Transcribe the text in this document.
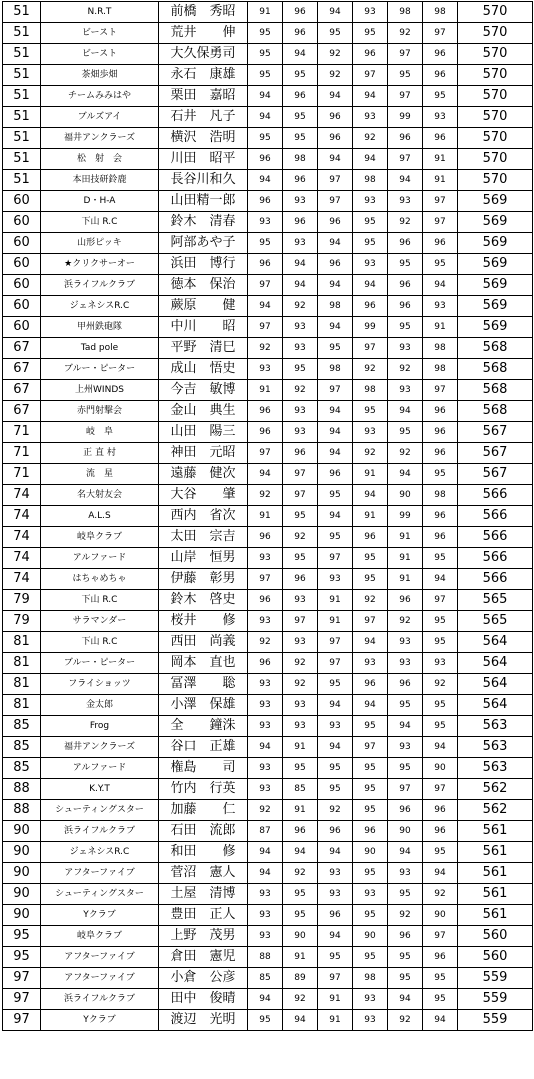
51	N.R.T	前橋　秀昭	91	96	94	93	98	98	570
51	ビースト	荒井　　伸	95	96	95	95	92	97	570
51	ビースト	大久保勇司	95	94	92	96	97	96	570
51	茶畑歩畑	永石　康雄	95	95	92	97	95	96	570
51	チームみみはや	栗田　嘉昭	94	96	94	94	97	95	570
51	ブルズアイ	石井　凡子	94	95	96	93	99	93	570
51	福井アンクラーズ	横沢　浩明	95	95	96	92	96	96	570
51	松　射　会	川田　昭平	96	98	94	94	97	91	570
51	本田技研鈴鹿	長谷川和久	94	96	97	98	94	91	570
60	D・H-A	山田精一郎	96	93	97	93	93	97	569
60	下山 R.C	鈴木　清春	93	96	96	95	92	97	569
60	山形ピッキ	阿部あや子	95	93	94	95	96	96	569
60	★クリクサーオー	浜田　博行	96	94	96	93	95	95	569
60	浜ライフルクラブ	徳本　保治	97	94	94	94	96	94	569
60	ジェネシスR.C	蕨原　　健	94	92	98	96	96	93	569
60	甲州鉄砲隊	中川　　昭	97	93	94	99	95	91	569
67	Tad pole	平野　清巳	92	93	95	97	93	98	568
67	ブルー・ピーター	成山　悟史	93	95	98	92	92	98	568
67	上州WINDS	今吉　敏博	91	92	97	98	93	97	568
67	赤門射撃会	金山　典生	96	93	94	95	94	96	568
71	岐　阜	山田　陽三	96	93	94	93	95	96	567
71	正 直 村	神田　元昭	97	96	94	92	92	96	567
71	流　星	遠藤　健次	94	97	96	91	94	95	567
74	名大射友会	大谷　　肇	92	97	95	94	90	98	566
74	A.L.S	西内　省次	91	95	94	91	99	96	566
74	岐阜クラブ	太田　宗吉	96	92	95	96	91	96	566
74	アルファード	山岸　恒男	93	95	97	95	91	95	566
74	はちゃめちゃ	伊藤　彰男	97	96	93	95	91	94	566
79	下山 R.C	鈴木　啓史	96	93	91	92	96	97	565
79	サラマンダー	桜井　　修	93	97	91	97	92	95	565
81	下山 R.C	西田　尚義	92	93	97	94	93	95	564
81	ブルー・ピーター	岡本　直也	96	92	97	93	93	93	564
81	フライショッツ	冨澤　　聡	93	92	95	96	96	92	564
81	金太郎	小澤　保雄	93	93	94	94	95	95	564
85	Frog	全　　鐘洙	93	93	93	95	94	95	563
85	福井アンクラーズ	谷口　正雄	94	91	94	97	93	94	563
85	アルファード	権島　　司	93	95	95	95	95	90	563
88	K.Y.T	竹内　行英	93	85	95	95	97	97	562
88	シューティングスター	加藤　　仁	92	91	92	95	96	96	562
90	浜ライフルクラブ	石田　流郎	87	96	96	96	90	96	561
90	ジェネシスR.C	和田　　修	94	94	94	90	94	95	561
90	アフターファイブ	菅沼　憲人	94	92	93	95	93	94	561
90	シューティングスター	土屋　清博	93	95	93	93	95	92	561
90	Yクラブ	豊田　正人	93	95	96	95	92	90	561
95	岐阜クラブ	上野　茂男	93	90	94	90	96	97	560
95	アフターファイブ	倉田　憲児	88	91	95	95	95	96	560
97	アフターファイブ	小倉　公彦	85	89	97	98	95	95	559
97	浜ライフルクラブ	田中　俊晴	94	92	91	93	94	95	559
97	Yクラブ	渡辺　光明	95	94	91	93	92	94	559
